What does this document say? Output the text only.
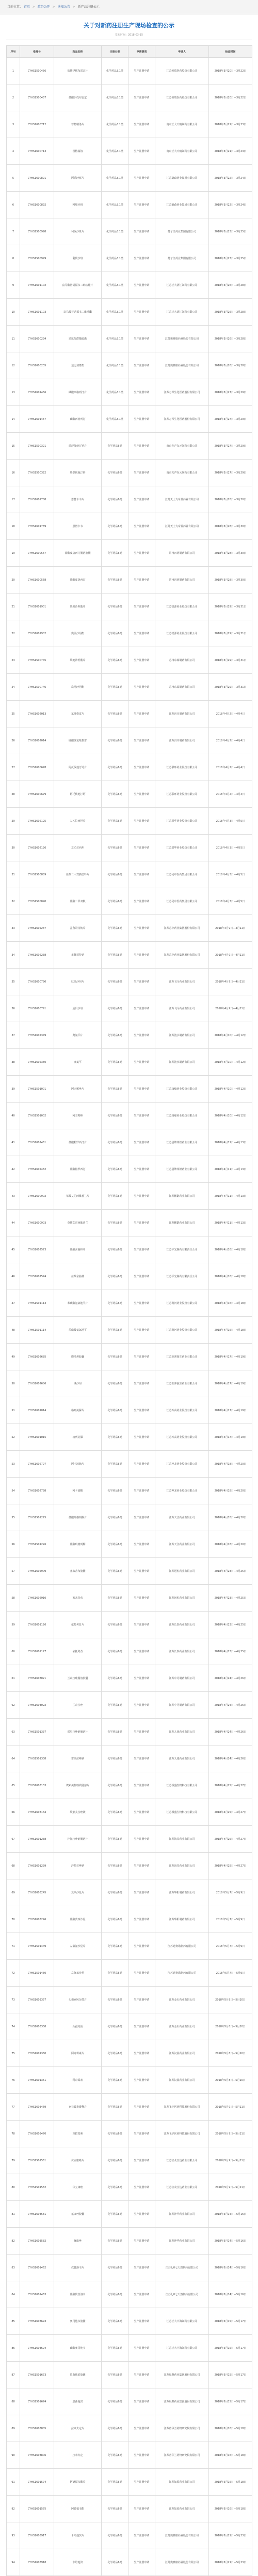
当前位置： 首页 > 政务公开 > 通知公告 > 新产品注册公示
关于对新药注册生产现场检查的公示
发布时间：2018-03-15
序号	受理号	药品名称	注册分类	申请事项	申请人	检查时间
1	CYHS1500456	盐酸伊伐布雷定片	化学药品3.1类	生产注册申请	江苏恒瑞医药股份有限公司	2018年3月20日—3月22日
2	CYHS1500457	盐酸伊伐布雷定	化学药品3.1类	生产注册申请	江苏恒瑞医药股份有限公司	2018年3月20日—3月22日
3	CYHS1600712	替格瑞洛片	化学药品3.1类	生产注册申请	南京正大天晴制药有限公司	2018年3月21日—3月23日
4	CYHS1600713	替格瑞洛	化学药品3.1类	生产注册申请	南京正大天晴制药有限公司	2018年3月21日—3月23日
5	CYHS1600891	阿哌沙班片	化学药品3.1类	生产注册申请	江苏豪森药业集团有限公司	2018年3月22日—3月24日
6	CYHS1600892	阿哌沙班	化学药品3.1类	生产注册申请	江苏豪森药业集团有限公司	2018年3月22日—3月24日
7	CYHS1500998	利伐沙班片	化学药品3.1类	生产注册申请	扬子江药业集团有限公司	2018年3月23日—3月25日
8	CYHS1500999	利伐沙班	化学药品3.1类	生产注册申请	扬子江药业集团有限公司	2018年3月23日—3月25日
9	CYHS1601102	富马酸替诺福韦二吡呋酯片	化学药品3.1类	生产注册申请	江苏正大清江制药有限公司	2018年3月26日—3月28日
10	CYHS1601103	富马酸替诺福韦二吡呋酯	化学药品3.1类	生产注册申请	江苏正大清江制药有限公司	2018年3月26日—3月28日
11	CYHS1600234	达比加群酯胶囊	化学药品3.1类	生产注册申请	江苏奥赛康药业股份有限公司	2018年3月26日—3月28日
12	CYHS1600235	达比加群酯	化学药品3.1类	生产注册申请	江苏奥赛康药业股份有限公司	2018年3月26日—3月28日
13	CYHS1601456	磷酸西格列汀片	化学药品3.1类	生产注册申请	江苏万邦生化医药股份有限公司	2018年3月27日—3月29日
14	CYHS1601457	磷酸西格列汀	化学药品3.1类	生产注册申请	江苏万邦生化医药股份有限公司	2018年3月27日—3月29日
15	CYHS1500321	瑞舒伐他汀钙片	化学药品6类	生产注册申请	南京先声东元制药有限公司	2018年3月27日—3月29日
16	CYHS1500322	瑞舒伐他汀钙	化学药品6类	生产注册申请	南京先声东元制药有限公司	2018年3月27日—3月29日
17	CYHS1601788	恩替卡韦片	化学药品6类	生产注册申请	江苏天士力帝益药业有限公司	2018年3月28日—3月30日
18	CYHS1601789	恩替卡韦	化学药品6类	生产注册申请	江苏天士力帝益药业有限公司	2018年3月28日—3月30日
19	CYHS1600567	盐酸度洛西汀肠溶胶囊	化学药品6类	生产注册申请	常州四药制药有限公司	2018年3月28日—3月30日
20	CYHS1600568	盐酸度洛西汀	化学药品6类	生产注册申请	常州四药制药有限公司	2018年3月28日—3月30日
21	CYHS1601901	奥美沙坦酯片	化学药品6类	生产注册申请	江苏德源药业股份有限公司	2018年3月29日—3月31日
22	CYHS1601902	奥美沙坦酯	化学药品6类	生产注册申请	江苏德源药业股份有限公司	2018年3月29日—3月31日
23	CYHS1500745	坎地沙坦酯片	化学药品6类	生产注册申请	苏州东瑞制药有限公司	2018年3月29日—3月31日
24	CYHS1500746	坎地沙坦酯	化学药品6类	生产注册申请	苏州东瑞制药有限公司	2018年3月29日—3月31日
25	CYHS1602013	氯吡格雷片	化学药品6类	生产注册申请	江苏济川制药有限公司	2018年4月2日—4月4日
26	CYHS1602014	硫酸氢氯吡格雷	化学药品6类	生产注册申请	江苏济川制药有限公司	2018年4月2日—4月4日
27	CYHS1600678	阿托伐他汀钙片	化学药品6类	生产注册申请	江苏联环药业股份有限公司	2018年4月2日—4月4日
28	CYHS1600679	阿托伐他汀钙	化学药品6类	生产注册申请	江苏联环药业股份有限公司	2018年4月2日—4月4日
29	CYHS1602125	左乙拉西坦片	化学药品6类	生产注册申请	江苏恩华药业股份有限公司	2018年4月3日—4月5日
30	CYHS1602126	左乙拉西坦	化学药品6类	生产注册申请	江苏恩华药业股份有限公司	2018年4月3日—4月5日
31	CYHS1500889	盐酸二甲双胍缓释片	化学药品6类	生产注册申请	江苏吴中医药集团有限公司	2018年4月3日—4月5日
32	CYHS1500890	盐酸二甲双胍	化学药品6类	生产注册申请	江苏吴中医药集团有限公司	2018年4月3日—4月5日
33	CYHS1602237	孟鲁司特钠片	化学药品6类	生产注册申请	江苏苏中药业集团股份有限公司	2018年4月9日—4月11日
34	CYHS1602238	孟鲁司特钠	化学药品6类	生产注册申请	江苏苏中药业集团股份有限公司	2018年4月9日—4月11日
35	CYHS1600790	厄贝沙坦片	化学药品6类	生产注册申请	江苏飞马药业有限公司	2018年4月9日—4月11日
36	CYHS1600791	厄贝沙坦	化学药品6类	生产注册申请	江苏飞马药业有限公司	2018年4月9日—4月11日
37	CYHS1602349	奥氮平片	化学药品6类	生产注册申请	江苏涟水制药有限公司	2018年4月10日—4月12日
38	CYHS1602350	奥氮平	化学药品6类	生产注册申请	江苏涟水制药有限公司	2018年4月10日—4月12日
39	CYHS1501001	阿立哌唑片	化学药品6类	生产注册申请	江苏康缘药业股份有限公司	2018年4月10日—4月12日
40	CYHS1501002	阿立哌唑	化学药品6类	生产注册申请	江苏康缘药业股份有限公司	2018年4月10日—4月12日
41	CYHS1602461	盐酸帕罗西汀片	化学药品6类	生产注册申请	江苏晨牌邦德药业有限公司	2018年4月11日—4月13日
42	CYHS1602462	盐酸帕罗西汀	化学药品6类	生产注册申请	江苏晨牌邦德药业有限公司	2018年4月11日—4月13日
43	CYHS1600902	草酸艾司西酞普兰片	化学药品6类	生产注册申请	江苏鹏鹞药业有限公司	2018年4月11日—4月13日
44	CYHS1600903	草酸艾司西酞普兰	化学药品6类	生产注册申请	江苏鹏鹞药业有限公司	2018年4月11日—4月13日
45	CYHS1602573	盐酸舍曲林片	化学药品6类	生产注册申请	江苏平光制药有限责任公司	2018年4月16日—4月18日
46	CYHS1602574	盐酸舍曲林	化学药品6类	生产注册申请	江苏平光制药有限责任公司	2018年4月16日—4月18日
47	CYHS1501113	苯磺酸氨氯地平片	化学药品6类	生产注册申请	江苏黄河药业股份有限公司	2018年4月16日—4月18日
48	CYHS1501114	苯磺酸氨氯地平	化学药品6类	生产注册申请	江苏黄河药业股份有限公司	2018年4月16日—4月18日
49	CYHS1602685	缬沙坦胶囊	化学药品6类	生产注册申请	江苏亚邦强生药业有限公司	2018年4月17日—4月19日
50	CYHS1602686	缬沙坦	化学药品6类	生产注册申请	江苏亚邦强生药业有限公司	2018年4月17日—4月19日
51	CYHS1601014	格列美脲片	化学药品6类	生产注册申请	江苏万高药业股份有限公司	2018年4月17日—4月19日
52	CYHS1601015	格列美脲	化学药品6类	生产注册申请	江苏万高药业股份有限公司	2018年4月17日—4月19日
53	CYHS1602797	阿卡波糖片	化学药品6类	生产注册申请	江苏神龙药业股份有限公司	2018年4月18日—4月20日
54	CYHS1602798	阿卡波糖	化学药品6类	生产注册申请	江苏神龙药业股份有限公司	2018年4月18日—4月20日
55	CYHS1501225	盐酸吡格列酮片	化学药品6类	生产注册申请	江苏天江药业有限公司	2018年4月18日—4月20日
56	CYHS1501226	盐酸吡格列酮	化学药品6类	生产注册申请	江苏天江药业有限公司	2018年4月18日—4月20日
57	CYHS1602909	塞来昔布胶囊	化学药品6类	生产注册申请	江苏远恒药业有限公司	2018年4月23日—4月25日
58	CYHS1602910	塞来昔布	化学药品6类	生产注册申请	江苏远恒药业有限公司	2018年4月23日—4月25日
59	CYHS1601126	依托考昔片	化学药品6类	生产注册申请	江苏长泰药业有限公司	2018年4月23日—4月25日
60	CYHS1601127	依托考昔	化学药品6类	生产注册申请	江苏长泰药业有限公司	2018年4月23日—4月25日
61	CYHS1603021	兰索拉唑肠溶胶囊	化学药品6类	生产注册申请	江苏中丹制药有限公司	2018年4月24日—4月26日
62	CYHS1603022	兰索拉唑	化学药品6类	生产注册申请	江苏中丹制药有限公司	2018年4月24日—4月26日
63	CYHS1501337	雷贝拉唑钠肠溶片	化学药品6类	生产注册申请	江苏九旭药业有限公司	2018年4月24日—4月26日
64	CYHS1501338	雷贝拉唑钠	化学药品6类	生产注册申请	江苏九旭药业有限公司	2018年4月24日—4月26日
65	CYHS1603133	埃索美拉唑镁肠溶片	化学药品6类	生产注册申请	江苏颖盛生物科技有限公司	2018年4月25日—4月27日
66	CYHS1603134	埃索美拉唑镁	化学药品6类	生产注册申请	江苏颖盛生物科技有限公司	2018年4月25日—4月27日
67	CYHS1601238	泮托拉唑钠肠溶片	化学药品6类	生产注册申请	江苏海岸药业有限公司	2018年4月25日—4月27日
68	CYHS1601239	泮托拉唑钠	化学药品6类	生产注册申请	江苏海岸药业有限公司	2018年4月25日—4月27日
69	CYHS1603245	莫西沙星片	化学药品6类	生产注册申请	江苏华阳制药有限公司	2018年5月7日—5月9日
70	CYHS1603246	盐酸莫西沙星	化学药品6类	生产注册申请	江苏华阳制药有限公司	2018年5月7日—5月9日
71	CYHS1501449	左氧氟沙星片	化学药品6类	生产注册申请	江苏迪赛诺制药有限公司	2018年5月7日—5月9日
72	CYHS1501450	左氧氟沙星	化学药品6类	生产注册申请	江苏迪赛诺制药有限公司	2018年5月7日—5月9日
73	CYHS1603357	头孢克肟分散片	化学药品6类	生产注册申请	江苏金石药业有限公司	2018年5月8日—5月10日
74	CYHS1603358	头孢克肟	化学药品6类	生产注册申请	江苏金石药业有限公司	2018年5月8日—5月10日
75	CYHS1601350	阿奇霉素片	化学药品6类	生产注册申请	江苏汉晨药业有限公司	2018年5月8日—5月10日
76	CYHS1601351	阿奇霉素	化学药品6类	生产注册申请	江苏汉晨药业有限公司	2018年5月8日—5月10日
77	CYHS1603469	克拉霉素缓释片	化学药品6类	生产注册申请	江苏飞宇医药科技股份有限公司	2018年5月9日—5月11日
78	CYHS1603470	克拉霉素	化学药品6类	生产注册申请	江苏飞宇医药科技股份有限公司	2018年5月9日—5月11日
79	CYHS1501561	伏立康唑片	化学药品6类	生产注册申请	江苏宝众宝达药业有限公司	2018年5月9日—5月11日
80	CYHS1501562	伏立康唑	化学药品6类	生产注册申请	江苏宝众宝达药业有限公司	2018年5月9日—5月11日
81	CYHS1603581	氟康唑胶囊	化学药品6类	生产注册申请	江苏神华药业有限公司	2018年5月14日—5月16日
82	CYHS1603582	氟康唑	化学药品6类	生产注册申请	江苏神华药业有限公司	2018年5月14日—5月16日
83	CYHS1601462	伐昔洛韦片	化学药品6类	生产注册申请	江苏七0七天然制药有限公司	2018年5月14日—5月16日
84	CYHS1601463	盐酸伐昔洛韦	化学药品6类	生产注册申请	江苏七0七天然制药有限公司	2018年5月14日—5月16日
85	CYHS1603693	奥司他韦胶囊	化学药品6类	生产注册申请	江苏正大丰海制药有限公司	2018年5月15日—5月17日
86	CYHS1603694	磷酸奥司他韦	化学药品6类	生产注册申请	江苏正大丰海制药有限公司	2018年5月15日—5月17日
87	CYHS1501673	恩曲他滨胶囊	化学药品6类	生产注册申请	江苏晨牌药业集团股份有限公司	2018年5月15日—5月17日
88	CYHS1501674	恩曲他滨	化学药品6类	生产注册申请	江苏晨牌药业集团股份有限公司	2018年5月15日—5月17日
89	CYHS1603805	拉米夫定片	化学药品6类	生产注册申请	江苏省华兰药物研究院有限公司	2018年5月16日—5月18日
90	CYHS1603806	拉米夫定	化学药品6类	生产注册申请	江苏省华兰药物研究院有限公司	2018年5月16日—5月18日
91	CYHS1601574	阿德福韦酯片	化学药品6类	生产注册申请	江苏知原药业有限公司	2018年5月16日—5月18日
92	CYHS1601575	阿德福韦酯	化学药品6类	生产注册申请	江苏知原药业有限公司	2018年5月16日—5月18日
93	CYHS1603917	卡培他滨片	化学药品6类	生产注册申请	江苏奥赛康药业股份有限公司	2018年5月21日—5月23日
94	CYHS1603918	卡培他滨	化学药品6类	生产注册申请	江苏奥赛康药业股份有限公司	2018年5月21日—5月23日
